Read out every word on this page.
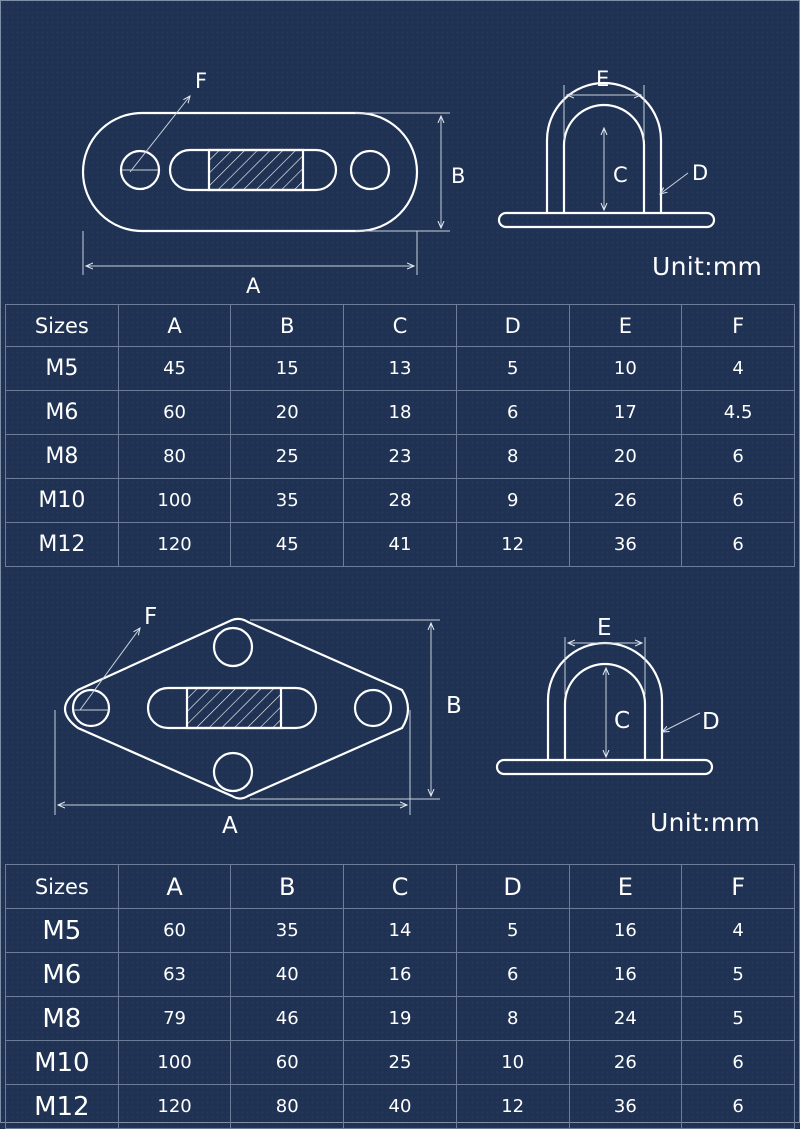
A
B
F	E
C	D
Unit:mm
Sizes	A	B	C	D	E	F
M5	45	15	13	5	10	4
M6	60	20	18	6	17	4.5
M8	80	25	23	8	20	6
M10	100	35	28	9	26	6
M12	120	45	41	12	36	6
A
B
F	E
C	D
Unit:mm
Sizes	A	B	C	D	E	F
M5	60	35	14	5	16	4
M6	63	40	16	6	16	5
M8	79	46	19	8	24	5
M10	100	60	25	10	26	6
M12	120	80	40	12	36	6
